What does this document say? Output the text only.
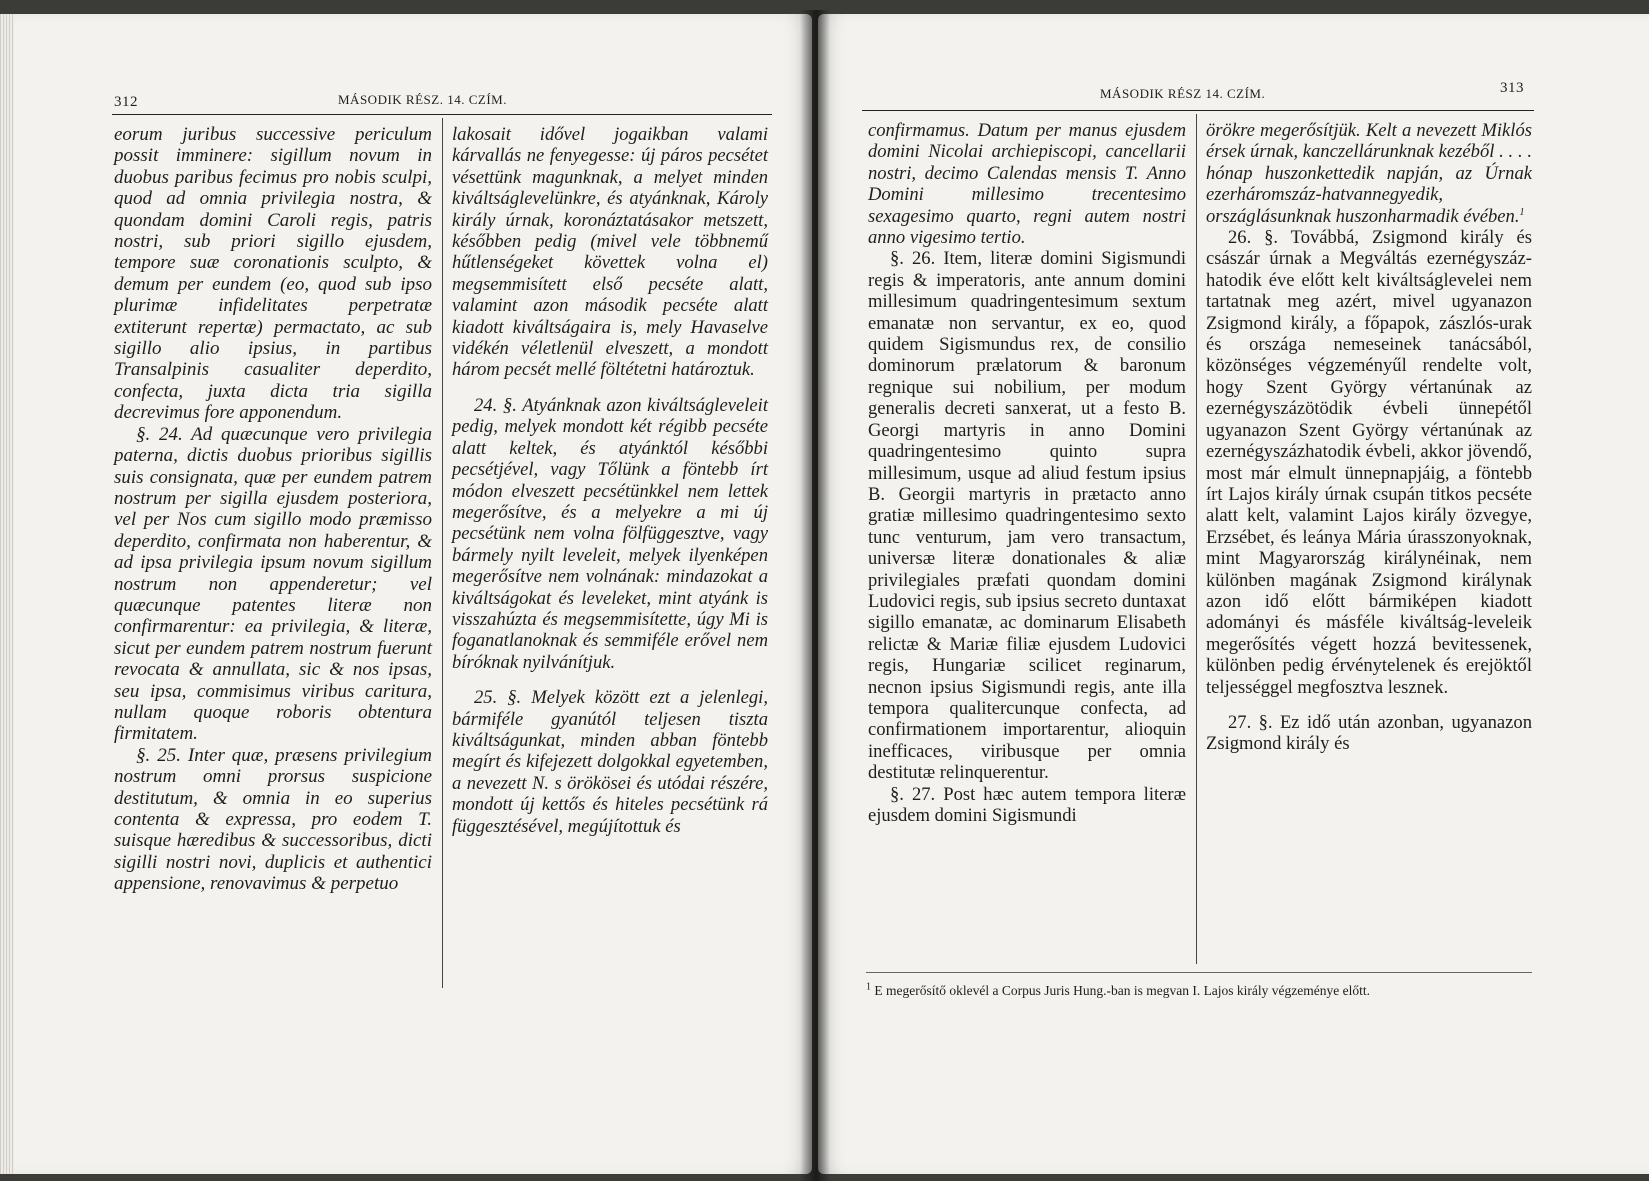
312	MÁSODIK RÉSZ. 14. CZÍM.

eorum juribus successive periculum possit imminere: sigillum novum in duobus paribus fecimus pro nobis sculpi, quod ad omnia privilegia nostra, & quondam domini Caroli regis, patris nostri, sub priori sigillo ejusdem, tempore suæ coronationis sculpto, & demum per eundem (eo, quod sub ipso plurimæ infidelitates perpetratæ extiterunt repertæ) permactato, ac sub sigillo alio ipsius, in partibus Transalpinis casualiter deperdito, confecta, juxta dicta tria sigilla decrevimus fore apponendum.

§. 24. Ad quæcunque vero privilegia paterna, dictis duobus prioribus sigillis suis consignata, quæ per eundem patrem nostrum per sigilla ejusdem posteriora, vel per Nos cum sigillo modo præmisso deperdito, confirmata non haberentur, & ad ipsa privilegia ipsum novum sigillum nostrum non appenderetur; vel quæcunque patentes literæ non confirmarentur: ea privilegia, & literæ, sicut per eundem patrem nostrum fuerunt revocata & annullata, sic & nos ipsas, seu ipsa, commisimus viribus caritura, nullam quoque roboris obtentura firmitatem.

§. 25. Inter quæ, præsens privilegium nostrum omni prorsus suspicione destitutum, & omnia in eo superius contenta & expressa, pro eodem T. suisque hæredibus & successoribus, dicti sigilli nostri novi, duplicis et authentici appensione, renovavimus & perpetuo

lakosait idővel jogaikban valami kárvallás ne fenyegesse: új páros pecsétet vésettünk magunknak, a melyet minden kiváltságlevelünkre, és atyánknak, Károly király úrnak, koronáztatásakor metszett, későbben pedig (mivel vele többnemű hűtlenségeket követtek volna el) megsemmisített első pecséte alatt, valamint azon második pecséte alatt kiadott kiváltságaira is, mely Havaselve vidékén véletlenül elveszett, a mondott három pecsét mellé föltétetni határoztuk.

24. §. Atyánknak azon kiváltságleveleit pedig, melyek mondott két régibb pecséte alatt keltek, és atyánktól későbbi pecsétjével, vagy Tőlünk a föntebb írt módon elveszett pecsétünkkel nem lettek megerősítve, és a melyekre a mi új pecsétünk nem volna fölfüggesztve, vagy bármely nyilt leveleit, melyek ilyenképen megerősítve nem volnának: mindazokat a kiváltságokat és leveleket, mint atyánk is visszahúzta és megsemmisítette, úgy Mi is foganatlanoknak és semmiféle erővel nem bíróknak nyilvánítjuk.

25. §. Melyek között ezt a jelenlegi, bármiféle gyanútól teljesen tiszta kiváltságunkat, minden abban föntebb megírt és kifejezett dolgokkal egyetemben, a nevezett N. s örökösei és utódai részére, mondott új kettős és hiteles pecsétünk rá függesztésével, megújítottuk és

MÁSODIK RÉSZ 14. CZÍM.	313

confirmamus. Datum per manus ejusdem domini Nicolai archiepiscopi, cancellarii nostri, decimo Calendas mensis T. Anno Domini millesimo trecentesimo sexagesimo quarto, regni autem nostri anno vigesimo tertio.

§. 26. Item, literæ domini Sigismundi regis & imperatoris, ante annum domini millesimum quadringentesimum sextum emanatæ non servantur, ex eo, quod quidem Sigismundus rex, de consilio dominorum prælatorum & baronum regnique sui nobilium, per modum generalis decreti sanxerat, ut a festo B. Georgi martyris in anno Domini quadringentesimo quinto supra millesimum, usque ad aliud festum ipsius B. Georgii martyris in prætacto anno gratiæ millesimo quadringentesimo sexto tunc venturum, jam vero transactum, universæ literæ donationales & aliæ privilegiales præfati quondam domini Ludovici regis, sub ipsius secreto duntaxat sigillo emanatæ, ac dominarum Elisabeth relictæ & Mariæ filiæ ejusdem Ludovici regis, Hungariæ scilicet reginarum, necnon ipsius Sigismundi regis, ante illa tempora qualitercunque confecta, ad confirmationem importarentur, alioquin inefficaces, viribusque per omnia destitutæ relinquerentur.

§. 27. Post hæc autem tempora literæ ejusdem domini Sigismundi

örökre megerősítjük. Kelt a nevezett Miklós érsek úrnak, kanczellárunknak kezéből . . . . hónap huszonkettedik napján, az Úrnak ezerháromszáz-hatvannegyedik, országlásunknak huszonharmadik évében.$^1$

26. §. Továbbá, Zsigmond király és császár úrnak a Megváltás ezernégyszáz-hatodik éve előtt kelt kiváltságlevelei nem tartatnak meg azért, mivel ugyanazon Zsigmond király, a főpapok, zászlós-urak és országa nemeseinek tanácsából, közönséges végzeményűl rendelte volt, hogy Szent György vértanúnak az ezernégyszázötödik évbeli ünnepétől ugyanazon Szent György vértanúnak az ezernégyszázhatodik évbeli, akkor jövendő, most már elmult ünnepnapjáig, a föntebb írt Lajos király úrnak csupán titkos pecséte alatt kelt, valamint Lajos király özvegye, Erzsébet, és leánya Mária úrasszonyoknak, mint Magyarország királynéinak, nem különben magának Zsigmond királynak azon idő előtt bármiképen kiadott adományi és másféle kiváltság-leveleik megerősítés végett hozzá bevitessenek, különben pedig érvénytelenek és erejöktől teljességgel megfosztva lesznek.

27. §. Ez idő után azonban, ugyanazon Zsigmond király és

$^1$ E megerősítő oklevél a Corpus Juris Hung.-ban is megvan I. Lajos király végzeménye előtt.
